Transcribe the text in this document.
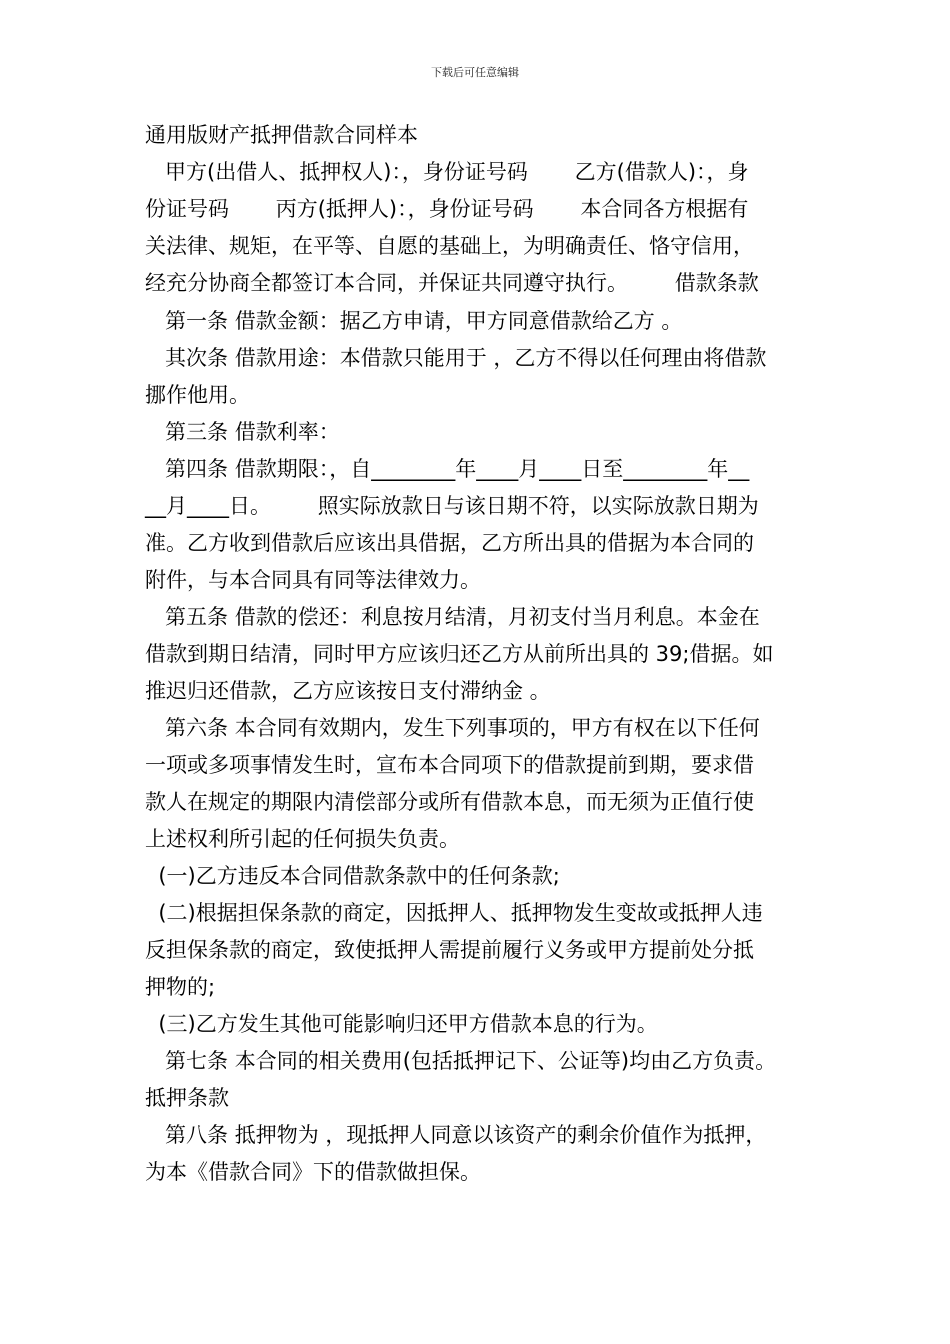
下载后可任意编辑
通用版财产抵押借款合同样本
甲方(出借人、抵押权人)：，身份证号码       乙方(借款人)：，身
份证号码       丙方(抵押人)：，身份证号码       本合同各方根据有
关法律、规矩，在平等、自愿的基础上，为明确责任、恪守信用，
经充分协商全都签订本合同，并保证共同遵守执行。       借款条款
第一条 借款金额：据乙方申请，甲方同意借款给乙方 。
其次条 借款用途：本借款只能用于 ，乙方不得以任何理由将借款
挪作他用。
第三条 借款利率：
第四条 借款期限：，自________年____月____日至________年__
__月____日。       照实际放款日与该日期不符，以实际放款日期为
准。乙方收到借款后应该出具借据，乙方所出具的借据为本合同的
附件，与本合同具有同等法律效力。
第五条 借款的偿还：利息按月结清，月初支付当月利息。本金在
借款到期日结清，同时甲方应该归还乙方从前所出具的 39;借据。如
推迟归还借款，乙方应该按日支付滞纳金 。
第六条 本合同有效期内，发生下列事项的，甲方有权在以下任何
一项或多项事情发生时，宣布本合同项下的借款提前到期，要求借
款人在规定的期限内清偿部分或所有借款本息，而无须为正值行使
上述权利所引起的任何损失负责。
(一)乙方违反本合同借款条款中的任何条款;
(二)根据担保条款的商定，因抵押人、抵押物发生变故或抵押人违
反担保条款的商定，致使抵押人需提前履行义务或甲方提前处分抵
押物的;
(三)乙方发生其他可能影响归还甲方借款本息的行为。
第七条 本合同的相关费用(包括抵押记下、公证等)均由乙方负责。
抵押条款
第八条 抵押物为 ，现抵押人同意以该资产的剩余价值作为抵押，
为本《借款合同》下的借款做担保。
